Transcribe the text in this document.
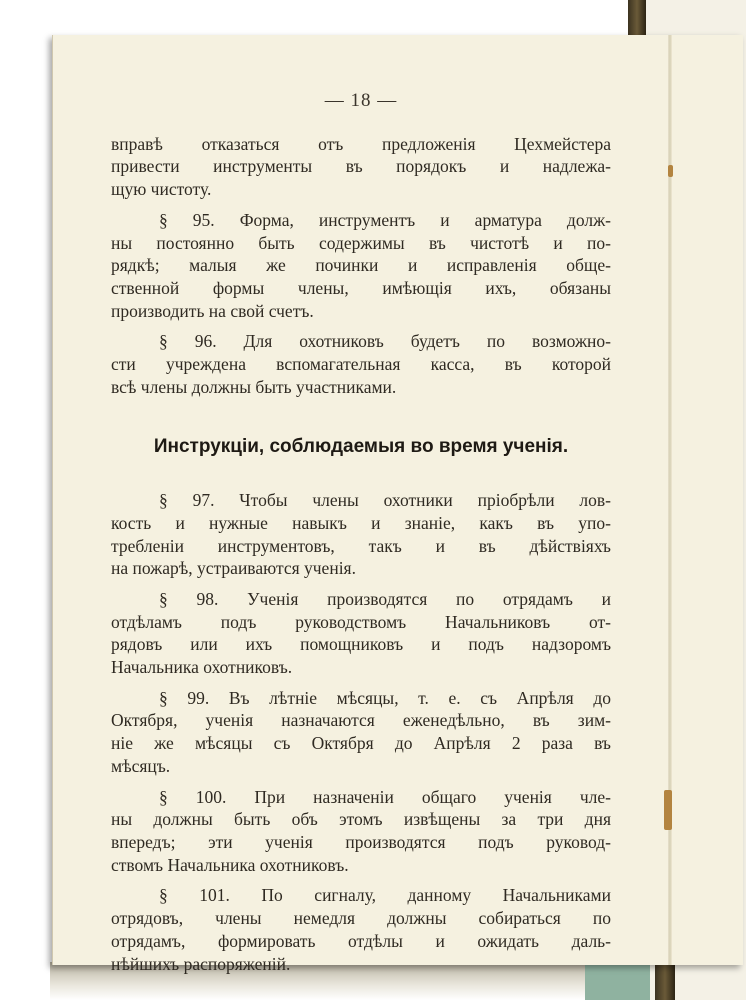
— 18 —
вправѣ отказаться отъ предложенія Цехмейстера
привести инструменты въ порядокъ и надлежа-
щую чистоту.
§ 95. Форма, инструментъ и арматура долж-
ны постоянно быть содержимы въ чистотѣ и по-
рядкѣ; малыя же починки и исправленія обще-
ственной формы члены, имѣющія ихъ, обязаны
производить на свой счетъ.
§ 96. Для охотниковъ будетъ по возможно-
сти учреждена вспомагательная касса, въ которой
всѣ члены должны быть участниками.
Инструкціи, соблюдаемыя во время ученія.
§ 97. Чтобы члены охотники пріобрѣли лов-
кость и нужные навыкъ и знаніе, какъ въ упо-
требленіи инструментовъ, такъ и въ дѣйствіяхъ
на пожарѣ, устраиваются ученія.
§ 98. Ученія производятся по отрядамъ и
отдѣламъ подъ руководствомъ Начальниковъ от-
рядовъ или ихъ помощниковъ и подъ надзоромъ
Начальника охотниковъ.
§ 99. Въ лѣтніе мѣсяцы, т. е. съ Апрѣля до
Октября, ученія назначаются еженедѣльно, въ зим-
ніе же мѣсяцы съ Октября до Апрѣля 2 раза въ
мѣсяцъ.
§ 100. При назначеніи общаго ученія чле-
ны должны быть объ этомъ извѣщены за три дня
впередъ; эти ученія производятся подъ руковод-
ствомъ Начальника охотниковъ.
§ 101. По сигналу, данному Начальниками
отрядовъ, члены немедля должны собираться по
отрядамъ, формировать отдѣлы и ожидать даль-
нѣйшихъ распоряженій.
